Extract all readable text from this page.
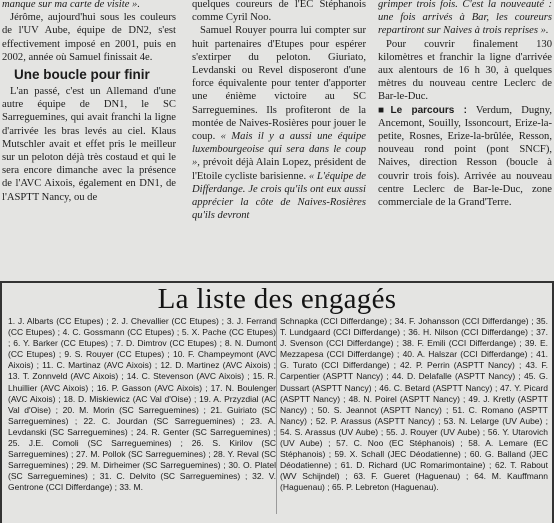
manque sur ma carte de visite ».

Jérôme, aujourd'hui sous les couleurs de l'UV Aube, équipe de DN2, s'est effectivement imposé en 2001, puis en 2002, année où Samuel finissait 4e.

Une boucle pour finir

L'an passé, c'est un Allemand d'une autre équipe de DN1, le SC Sarreguemines, qui avait franchi la ligne d'arrivée les bras levés au ciel. Klaus Mutschler avait et effet pris le meilleur sur un peloton déjà très costaud et qui le sera encore dimanche avec la présence de l'AVC Aixois, également en DN1, de l'ASPTT Nancy, ou de

quelques coureurs de l'EC Stéphanois comme Cyril Noo.

Samuel Rouyer pourra lui compter sur huit partenaires d'Etupes pour espérer s'extirper du peloton. Giuriato, Levdanski ou Revel disposeront d'une force équivalente pour tenter d'apporter une énième victoire au SC Sarreguemines. Ils profiteront de la montée de Naives-Rosières pour jouer le coup. « Mais il y a aussi une équipe luxembourgeoise qui sera dans le coup », prévoit déjà Alain Lopez, président de l'Etoile cycliste barisienne. « L'équipe de Differdange. Je crois qu'ils ont eux aussi apprécier la côte de Naives-Rosières qu'ils devront

grimper trois fois. C'est la nouveauté : une fois arrivés à Bar, les coureurs repartiront sur Naives à trois reprises ».

Pour couvrir finalement 130 kilomètres et franchir la ligne d'arrivée aux alentours de 16 h 30, à quelques mètres du nouveau centre Leclerc de Bar-le-Duc.

■Le parcours : Verdum, Dugny, Ancemont, Souilly, Issoncourt, Erize-la-petite, Rosnes, Erize-la-brûlée, Resson, nouveau rond point (pont SNCF), Naives, direction Resson (boucle à couvrir trois fois). Arrivée au nouveau centre Leclerc de Bar-le-Duc, zone commerciale de la Grand'Terre.

La liste des engagés
1. J. Albarts (CC Etupes) ; 2. J. Chevallier (CC Etupes) ; 3. J. Ferrand (CC Etupes) ; 4. C. Gossmann (CC Etupes) ; 5. X. Pache (CC Etupes) ; 6. Y. Barker (CC Etupes) ; 7. D. Dimtrov (CC Etupes) ; 8. N. Dumont (CC Etupes) ; 9. S. Rouyer (CC Etupes) ; 10. F. Champeymont (AVC Aixois) ; 11. C. Martinaz (AVC Aixois) ; 12. D. Martinez (AVC Aixois) ; 13. T. Zonnveld (AVC Aixois) ; 14. C. Stevenson (AVC Aixois) ; 15. R. Lhuillier (AVC Aixois) ; 16. P. Gasson (AVC Aixois) ; 17. N. Boulenger (AVC Aixois) ; 18. D. Miskiewicz (AC Val d'Oise) ; 19. A. Przyzdial (AC Val d'Oise) ; 20. M. Morin (SC Sarreguemines) ; 21. Guiriato (SC Sarreguemines) ; 22. C. Jourdan (SC Sarreguemines) ; 23. A. Levdanski (SC Sarreguemines) ; 24. R. Genter (SC Sarreguemines) ; 25. J.E. Comoli (SC Sarreguemines) ; 26. S. Kirilov (SC Sarreguemines) ; 27. M. Pollok (SC Sarreguemines) ; 28. Y. Reval (SC Sarreguemines) ; 29. M. Dirheimer (SC Sarreguemines) ; 30. O. Platel (SC Sarreguemines) ; 31. C. Delvito (SC Sarreguemines) ; 32. V. Gentrone (CCI Differdange) ; 33. M.
Schnapka (CCI Differdange) ; 34. F. Johansson (CCI Differdange) ; 35. T. Lundgaard (CCI Differdange) ; 36. H. Nilson (CCI Differdange) ; 37. J. Svenson (CCI Differdange) ; 38. F. Emili (CCI Differdange) ; 39. E. Mezzapesa (CCI Differdange) ; 40. A. Halszar (CCI Differdange) ; 41. G. Turato (CCI Differdange) ; 42. P. Perrin (ASPTT Nancy) ; 43. F. Carpentier (ASPTT Nancy) ; 44. D. Delafalle (ASPTT Nancy) ; 45. G. Dussart (ASPTT Nancy) ; 46. C. Betard (ASPTT Nancy) ; 47. Y. Picard (ASPTT Nancy) ; 48. N. Poirel (ASPTT Nancy) ; 49. J. Kretly (ASPTT Nancy) ; 50. S. Jeannot (ASPTT Nancy) ; 51. C. Romano (ASPTT Nancy) ; 52. P. Arassus (ASPTT Nancy) ; 53. N. Lelarge (UV Aube) ; 54. S. Arassus (UV Aube) ; 55. J. Rouyer (UV Aube) ; 56. Y. Utarovich (UV Aube) ; 57. C. Noo (EC Stéphanois) ; 58. A. Lemare (EC Stéphanois) ; 59. X. Schall (JEC Déodatienne) ; 60. G. Balland (JEC Déodatienne) ; 61. D. Richard (UC Romarimontaine) ; 62. T. Rabout (WV Schijndel) ; 63. F. Gueret (Haguenau) ; 64. M. Kauffmann (Haguenau) ; 65. P. Lebreton (Haguenau).
